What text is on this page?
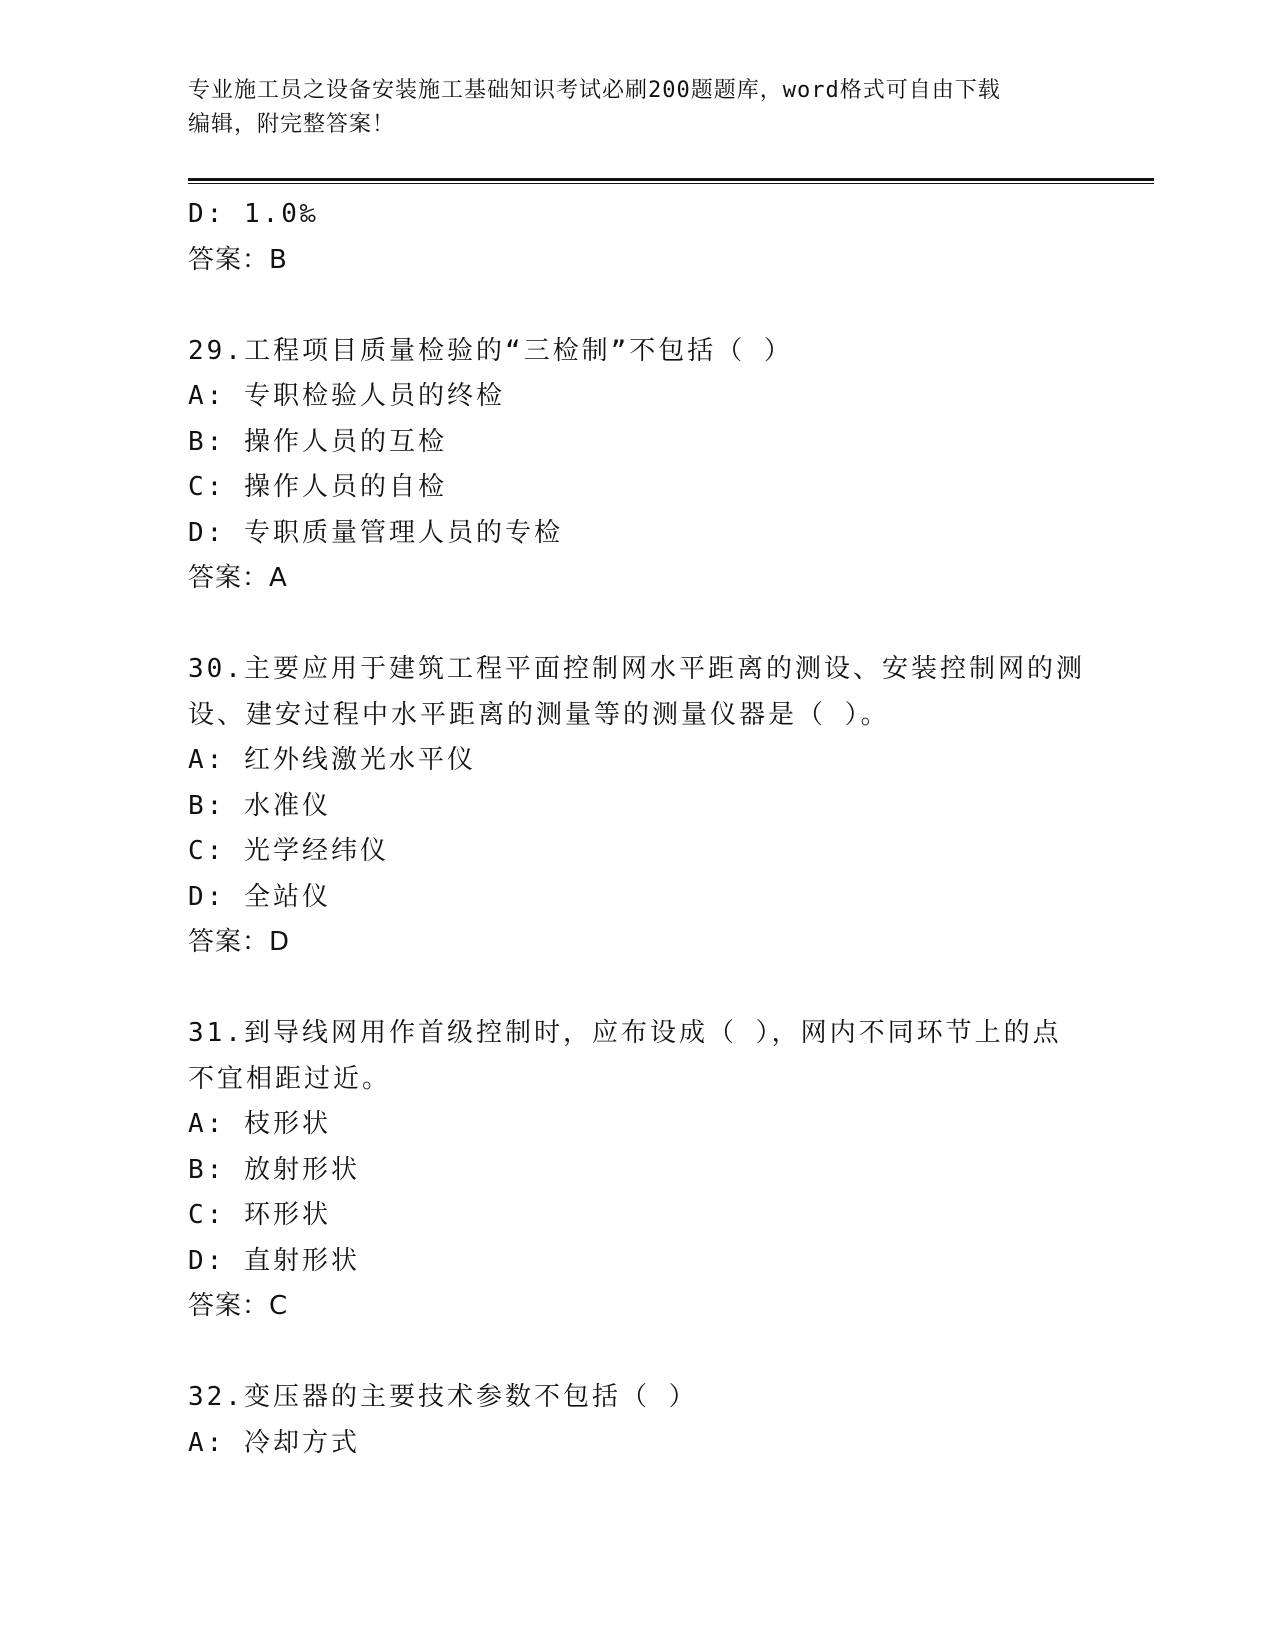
专业施工员之设备安装施工基础知识考试必刷200题题库，word格式可自由下载
编辑，附完整答案！
D: 1.0‰
答案：B
29.工程项目质量检验的“三检制”不包括（ ）
A: 专职检验人员的终检
B: 操作人员的互检
C: 操作人员的自检
D: 专职质量管理人员的专检
答案：A
30.主要应用于建筑工程平面控制网水平距离的测设、安装控制网的测
设、建安过程中水平距离的测量等的测量仪器是（ ）。
A: 红外线激光水平仪
B: 水准仪
C: 光学经纬仪
D: 全站仪
答案：D
31.到导线网用作首级控制时，应布设成（ ），网内不同环节上的点
不宜相距过近。
A: 枝形状
B: 放射形状
C: 环形状
D: 直射形状
答案：C
32.变压器的主要技术参数不包括（ ）
A: 冷却方式
